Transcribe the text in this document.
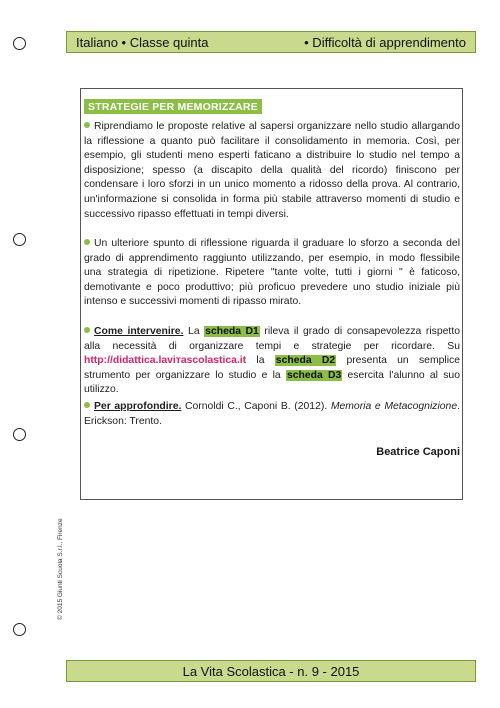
Italiano • Classe quinta	• Difficoltà di apprendimento
STRATEGIE PER MEMORIZZARE
Riprendiamo le proposte relative al sapersi organizzare nello studio allargando la riflessione a quanto può facilitare il consolidamento in memoria. Così, per esempio, gli studenti meno esperti faticano a distribuire lo studio nel tempo a disposizione; spesso (a discapito della qualità del ricordo) finiscono per condensare i loro sforzi in un unico momento a ridosso della prova. Al contrario, un'informazione si consolida in forma più stabile attraverso momenti di studio e successivo ripasso effettuati in tempi diversi.
Un ulteriore spunto di riflessione riguarda il graduare lo sforzo a seconda del grado di apprendimento raggiunto utilizzando, per esempio, in modo flessibile una strategia di ripetizione. Ripetere "tante volte, tutti i giorni " è faticoso, demotivante e poco produttivo; più proficuo prevedere uno studio iniziale più intenso e successivi momenti di ripasso mirato.
Come intervenire. La scheda D1 rileva il grado di consapevolezza rispetto alla necessità di organizzare tempi e strategie per ricordare. Su http://didattica.laviтascolastica.it la scheda D2 presenta un semplice strumento per organizzare lo studio e la scheda D3 esercita l'alunno al suo utilizzo.
Per approfondire. Cornoldi C., Caponi B. (2012). Memoria e Metacognizione. Erickson: Trento.
Beatrice Caponi
© 2015 Giunti Scuola S.r.l., Firenze
La Vita Scolastica - n. 9 - 2015
